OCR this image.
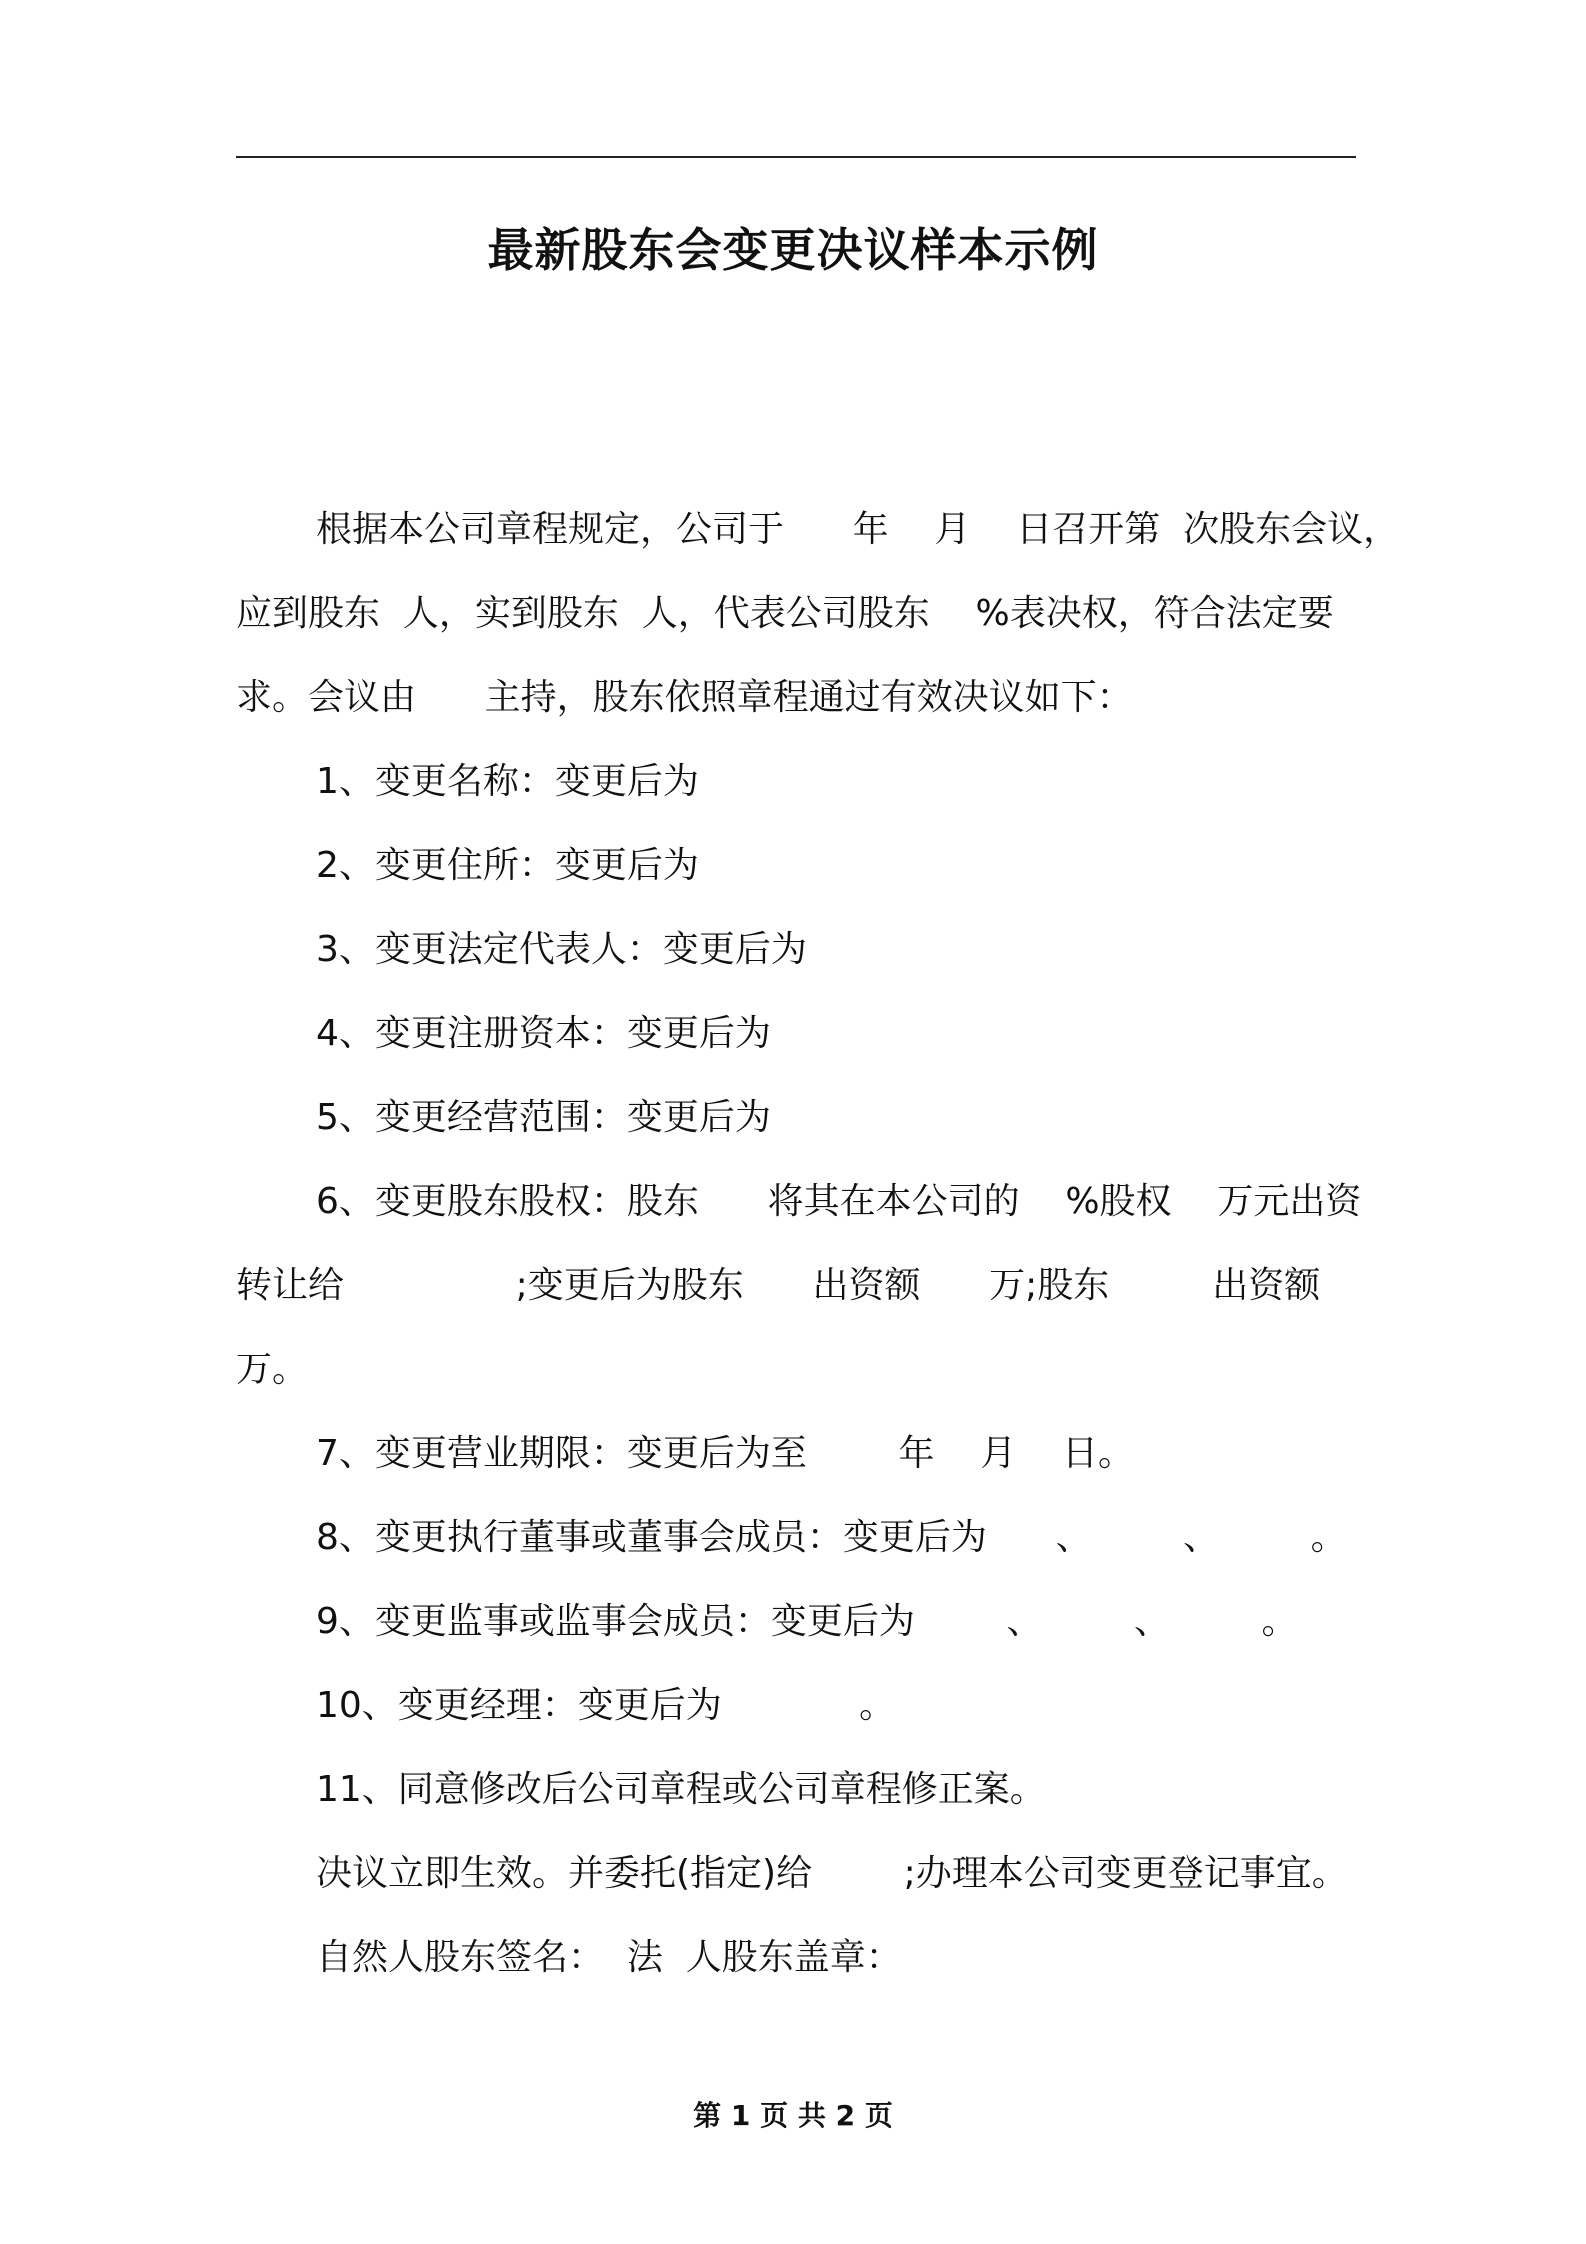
最新股东会变更决议样本示例

根据本公司章程规定，公司于      年    月    日召开第  次股东会议，

应到股东  人，实到股东  人，代表公司股东    %表决权，符合法定要

求。会议由      主持，股东依照章程通过有效决议如下：

1、变更名称：变更后为

2、变更住所：变更后为

3、变更法定代表人：变更后为

4、变更注册资本：变更后为

5、变更经营范围：变更后为

6、变更股东股权：股东      将其在本公司的    %股权    万元出资

转让给               ;变更后为股东      出资额      万;股东         出资额

万。

7、变更营业期限：变更后为至        年    月    日。

8、变更执行董事或董事会成员：变更后为      、        、        。

9、变更监事或监事会成员：变更后为        、        、        。

10、变更经理：变更后为            。

11、同意修改后公司章程或公司章程修正案。

决议立即生效。并委托(指定)给        ;办理本公司变更登记事宜。

自然人股东签名：  法  人股东盖章：

第 1 页 共 2 页
